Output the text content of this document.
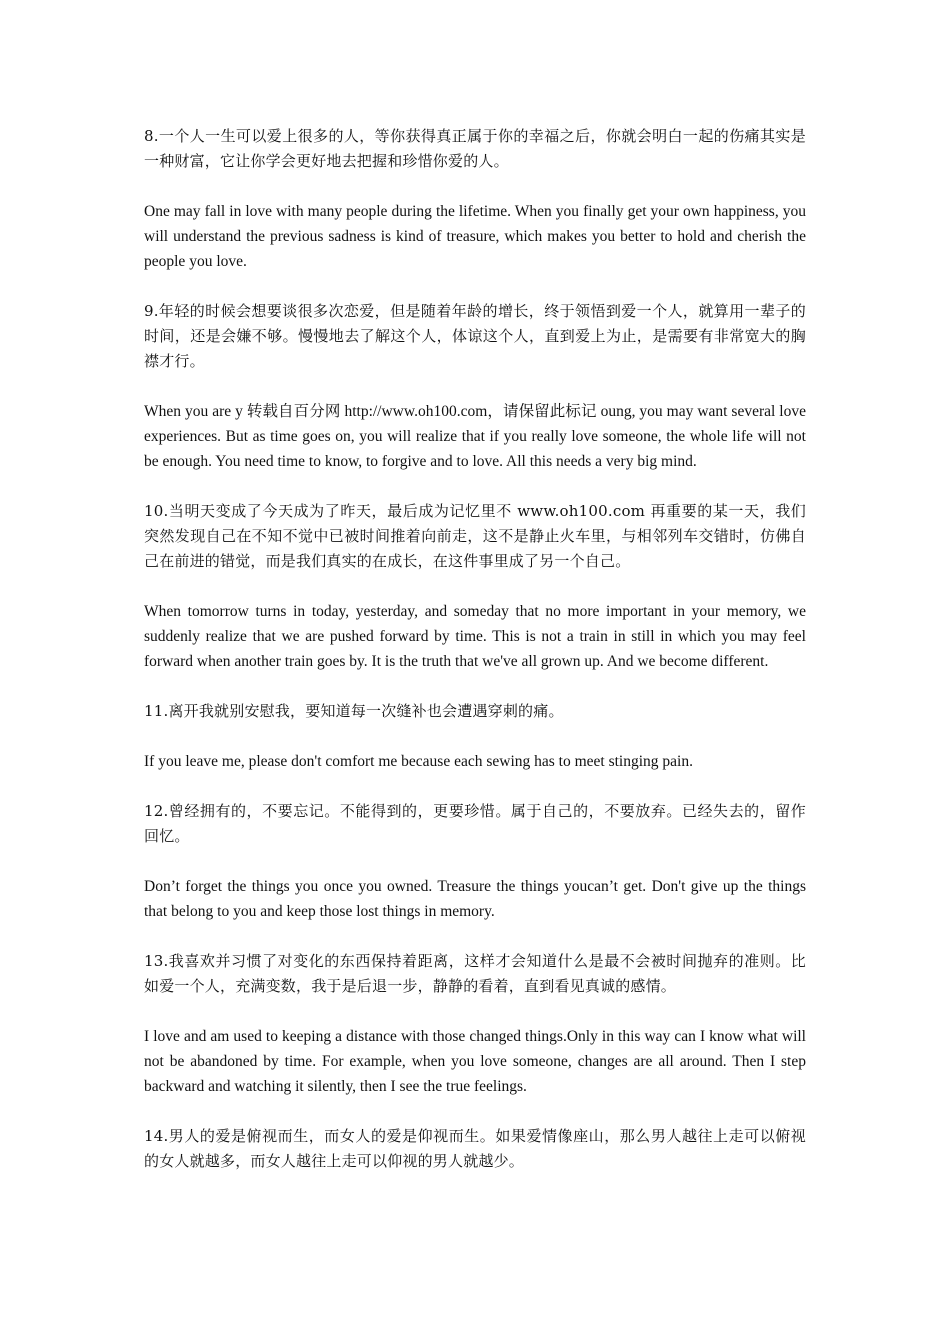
8.一个人一生可以爱上很多的人，等你获得真正属于你的幸福之后，你就会明白一起的伤痛其实是一种财富，它让你学会更好地去把握和珍惜你爱的人。

One may fall in love with many people during the lifetime. When you finally get your own happiness, you will understand the previous sadness is kind of treasure, which makes you better to hold and cherish the people you love.

9.年轻的时候会想要谈很多次恋爱，但是随着年龄的增长，终于领悟到爱一个人，就算用一辈子的时间，还是会嫌不够。慢慢地去了解这个人，体谅这个人，直到爱上为止，是需要有非常宽大的胸襟才行。

When you are y 转载自百分网 http://www.oh100.com，请保留此标记 oung, you may want several love experiences. But as time goes on, you will realize that if you really love someone, the whole life will not be enough. You need time to know, to forgive and to love. All this needs a very big mind.

10.当明天变成了今天成为了昨天，最后成为记忆里不 www.oh100.com 再重要的某一天，我们突然发现自己在不知不觉中已被时间推着向前走，这不是静止火车里，与相邻列车交错时，仿佛自己在前进的错觉，而是我们真实的在成长，在这件事里成了另一个自己。

When tomorrow turns in today, yesterday, and someday that no more important in your memory, we suddenly realize that we are pushed forward by time. This is not a train in still in which you may feel forward when another train goes by. It is the truth that we've all grown up. And we become different.

11.离开我就别安慰我，要知道每一次缝补也会遭遇穿刺的痛。

If you leave me, please don't comfort me because each sewing has to meet stinging pain.

12.曾经拥有的，不要忘记。不能得到的，更要珍惜。属于自己的，不要放弃。已经失去的，留作回忆。

Don’t forget the things you once you owned. Treasure the things youcan’t get. Don't give up the things that belong to you and keep those lost things in memory.

13.我喜欢并习惯了对变化的东西保持着距离，这样才会知道什么是最不会被时间抛弃的准则。比如爱一个人，充满变数，我于是后退一步，静静的看着，直到看见真诚的感情。

I love and am used to keeping a distance with those changed things.Only in this way can I know what will not be abandoned by time. For example, when you love someone, changes are all around. Then I step backward and watching it silently, then I see the true feelings.

14.男人的爱是俯视而生，而女人的爱是仰视而生。如果爱情像座山，那么男人越往上走可以俯视的女人就越多，而女人越往上走可以仰视的男人就越少。
